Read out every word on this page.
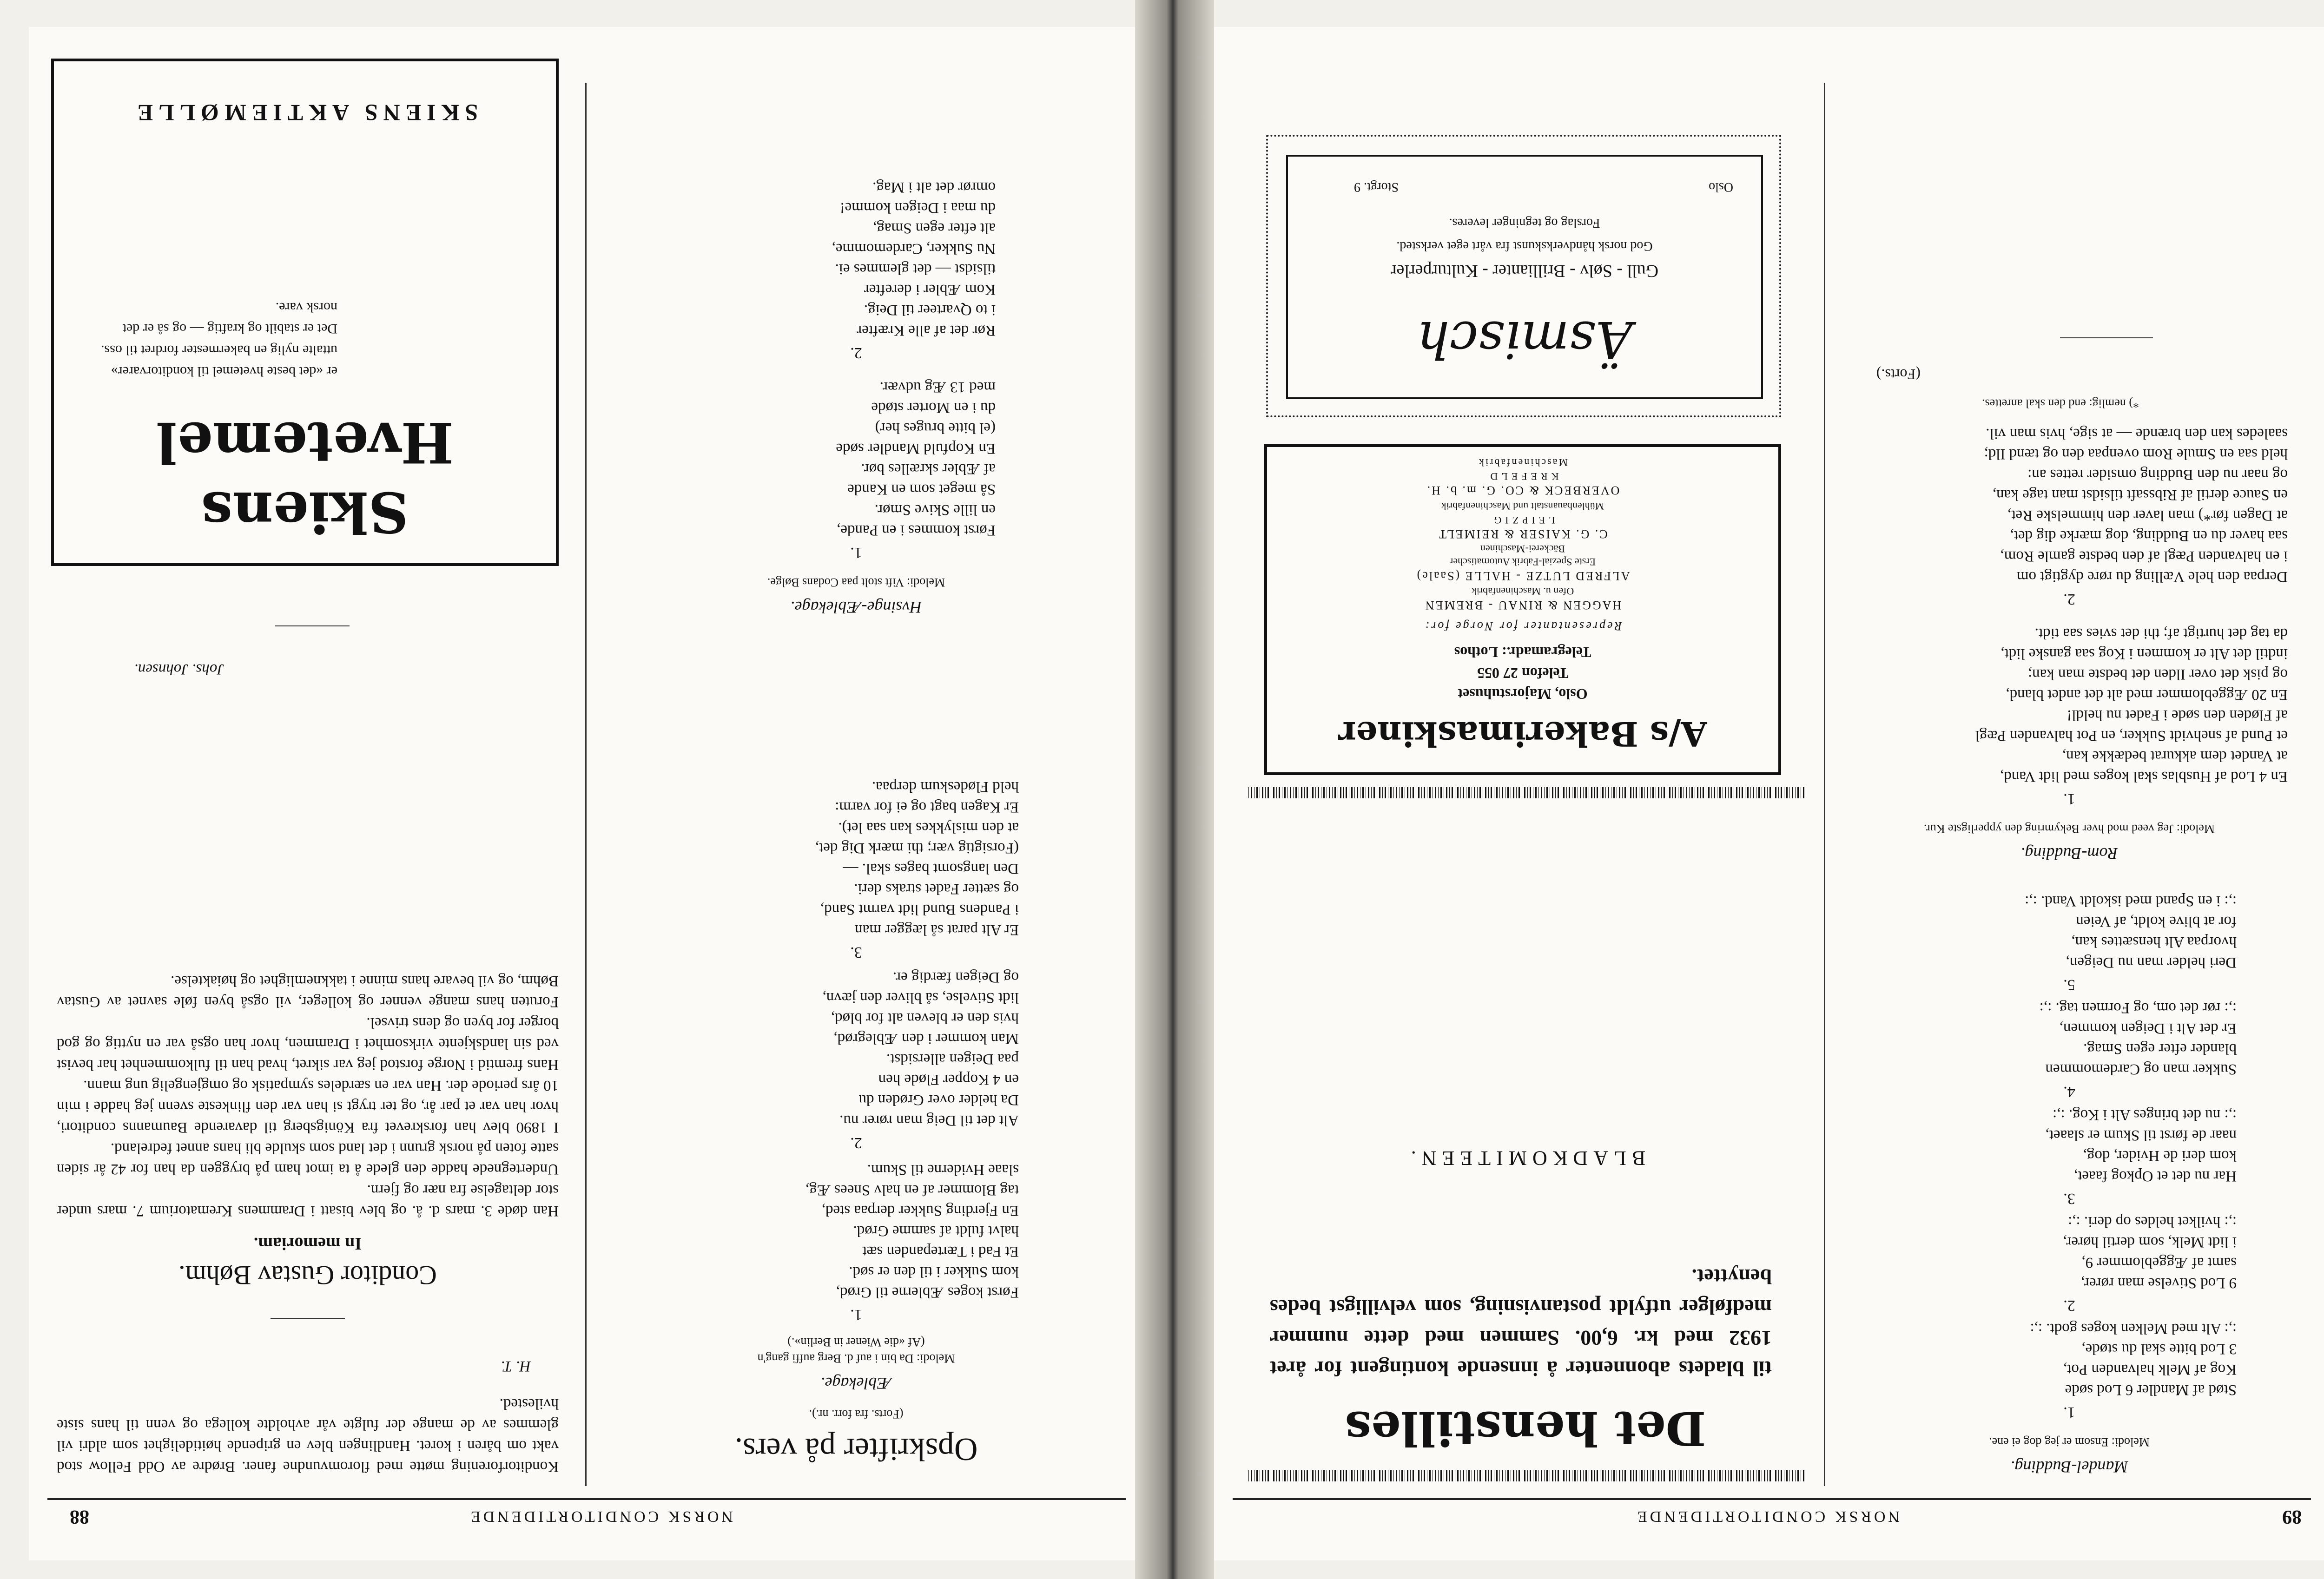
89
NORSK CONDITORTIDENDE
Mandel-Budding.
Melodi: Ensom er jeg dog ei ene.
1.
Stød af Mandler 6 Lod søde
Kog af Melk halvanden Pot,
3 Lod bitte skal du støde,
:,: Alt med Melken koges godt. :,:
2.
9 Lod Stivelse man rører,
samt af Æggeblommer 9,
i lidt Melk, som dertil hører,
:,: hvilket heldes op deri. :,:
3.
Har nu det et Opkog faaet,
kom deri de Hvider, dog,
naar de først til Skum er slaaet,
:,: nu det bringes Alt i Kog. :,:
4.
Sukker man og Cardemommen
blander efter egen Smag.
Er det Alt i Deigen kommen,
:,: rør det om, og Formen tag. :,:
5.
Deri helder man nu Deigen,
hvorpaa Alt hensættes kan,
for at blive koldt, af Veien
:,: i en Spand med iskoldt Vand. :,:
Rom-Budding.
Melodi: Jeg veed mod hver Bekymring den ypperligste Kur.
1.
En 4 Lod af Husblas skal koges med lidt Vand,
at Vandet dem akkurat bedække kan,
et Pund af snehvidt Sukker, en Pot halvanden Pægl
af Fløden den søde i Fadet nu heldl!
En 20 Æggeblommer med alt det andet bland,
og pisk det over Ilden det bedste man kan;
indtil det Alt er kommen i Kog saa ganske lidt,
da tag det hurtigt af; thi det svies saa tidt.
2.
Derpaa den hele Vælling du røre dygtigt om
i en halvanden Pægl af den bedste gamle Rom,
saa haver du en Budding, dog mærke dig det,
at Dagen før*) man laver den himmelske Ret,
en Sauce dertil af Ribssaft tilsidst man tage kan,
og naar nu den Budding omsider rettes an:
held saa en Smule Rom ovenpaa den og tænd Ild;
saaledes kan den brænde — at sige, hvis man vil.
*) nemlig: end den skal anrettes.
(Forts.)
Det henstilles

til bladets abonnenter å innsende kontingent for året 1932 med kr. 6,00. Sammen med dette nummer medfølger utfyldt postanvisning, som velvilligst bedes benyttet.

BLADKOMITEEN.
A/s Bakerimaskiner
Oslo, Majorstuhuset
Telefon 27 055
Telegramadr.: Lothos
Representanter for Norge for:
HAGGEN & RINAU - BREMEN
Ofen u. Maschinenfabrik
ALFRED LUTZE - HALLE (Saale)
Erste Spezial-Fabrik Automatischer
Bäckerei-Maschinen
C. G. KAISER & REIMELT
LEIPZIG
Mühlenbauanstalt und Maschinenfabrik
OVERBECK & CO. G. m. b. H.
KREFELD
Maschinenfabrik
Äsmisch
Gull - Sølv - Brillianter - Kulturperler
God norsk håndverkskunst fra vårt eget verksted.
Forslag og tegninger leveres.
Oslo
Storgt. 9
NORSK CONDITORTIDENDE
88
Opskrifter på vers.
(Forts. fra forr. nr.).
Æblekage.
Melodi: Da bin i auf d. Berg auffi gang'n
(Af «die Wiener in Berlin».)
1.
Først koges Æblerne til Grød,
kom Sukker i til den er sød.
Et Fad i Tærtepanden sæt
halvt fuldt af samme Grød.
En Fjerding Sukker derpaa sted,
tag Blommer af en halv Snees Æg,
slaae Hviderne til Skum.
2.
Alt det til Deig man rører nu.
Da helder over Grøden du
en 4 Kopper Fløde hen
paa Deigen allersidst.
Man kommer i den Æblegrød,
hvis den er bleven alt for blød,
lidt Stivelse, så bliver den jævn,
og Deigen færdig er.
3.
Er Alt parat så lægger man
i Pandens Bund lidt varmt Sand,
og sætter Fadet straks deri.
Den langsomt bages skal. —
(Forsigtig vær; thi mærk Dig det,
at den mislykkes kan saa let).
Er Kagen bagt og ei for varm:
held Flødeskum derpaa.
Hvsinge-Æblekage.
Melodi: Vift stolt paa Codans Bølge.
1.
Først kommes i en Pande,
en lille Skive Smør.
Så meget som en Kande
af Æbler skrælles bør.
En Kopfuld Mandler søde
(el bitte bruges her)
du i en Morter støde
med 13 Æg udvær.
2.
Rør det af alle Kræfter
i to Qvarteer til Deig.
Kom Æbler i derefter
tilsidst — det glemmes ei.
Nu Sukker, Cardemomme,
alt efter egen Smag,
du maa i Deigen komme!
omrør det alt i Mag.

Konditorforening møtte med floromvundne faner. Brødre av Odd Fellow stod vakt om båren i koret. Handlingen blev en gripende høitidelighet som aldri vil glemmes av de mange der fulgte vår avholdte kollega og venn til hans siste hvilested.

H. T.
Conditor Gustav Bøhm.
In memoriam.

Han døde 3. mars d. å. og blev bisatt i Drammens Krematorium 7. mars under stor deltagelse fra nær og fjern.
Undertegnede hadde den glede å ta imot ham på bryggen da han for 42 år siden satte foten på norsk grunn i det land som skulde bli hans annet fedreland.
I 1890 blev han forskrevet fra Königsberg til davarende Baumanns conditori, hvor han var et par år, og ter trygt si han var den flinkeste svenn jeg hadde i min 10 års periode der. Han var en særdeles sympatisk og omgjengelig ung mann.
Hans fremtid i Norge forstod jeg var sikret, hvad han til fulkommenhet har bevist ved sin landskjente virksomhet i Drammen, hvor han også var en nyttig og god borger for byen og dens trivsel.
Foruten hans mange venner og kolleger, vil også byen føle savnet av Gustav Bøhm, og vil bevare hans minne i takknemlighet og høiaktelse.

Johs. Johnsen.
Skiens
Hvetemel

er «det beste hvetemel til konditorvarer» uttalte nylig en bakermester fordret til oss. Det er stabilt og kraftig — og så er det norsk vare.

SKIENS AKTIEMØLLE
